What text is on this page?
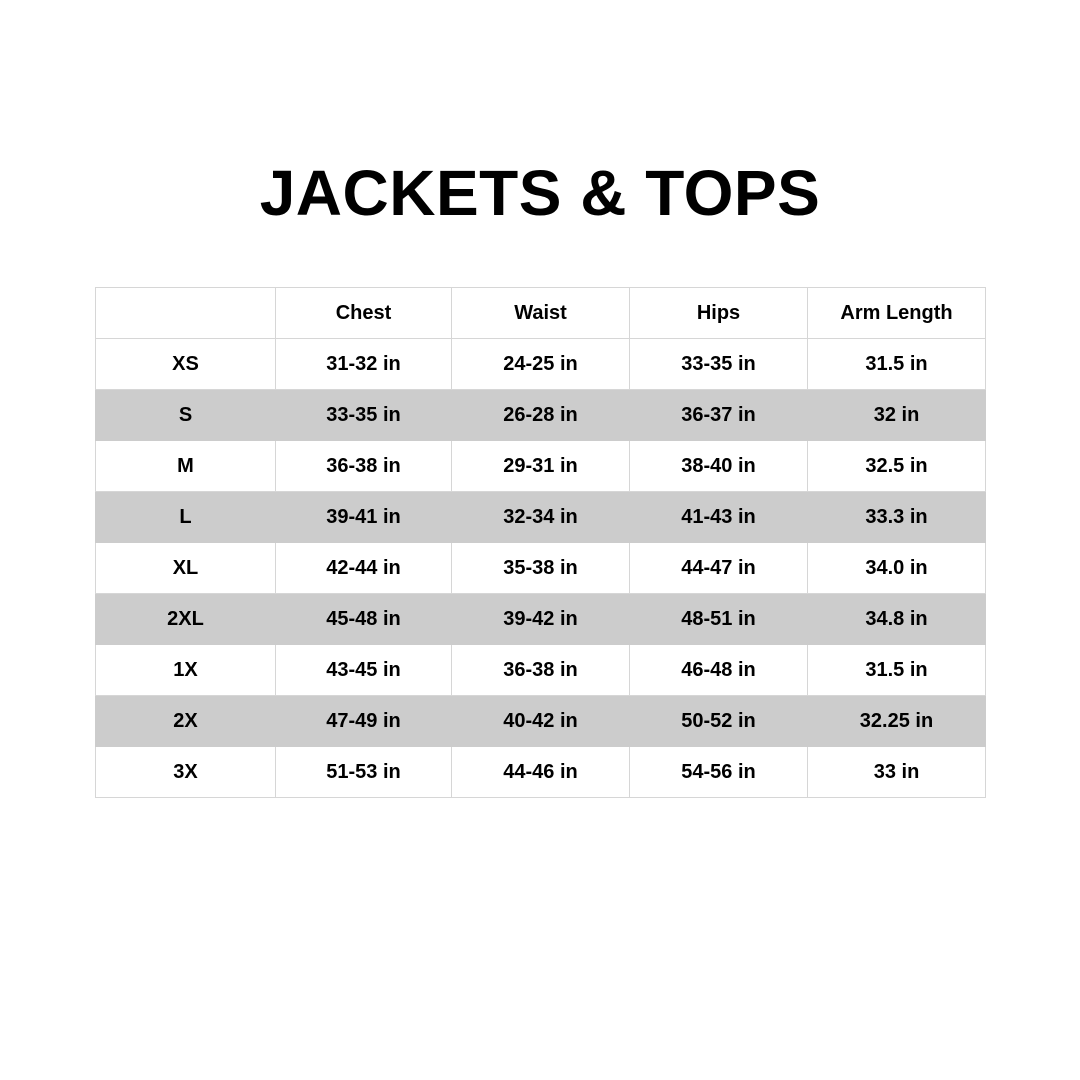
JACKETS & TOPS
	Chest	Waist	Hips	Arm Length
XS	31-32 in	24-25 in	33-35 in	31.5 in
S	33-35 in	26-28 in	36-37 in	32 in
M	36-38 in	29-31 in	38-40 in	32.5 in
L	39-41 in	32-34 in	41-43 in	33.3 in
XL	42-44 in	35-38 in	44-47 in	34.0 in
2XL	45-48 in	39-42 in	48-51 in	34.8 in
1X	43-45 in	36-38 in	46-48 in	31.5 in
2X	47-49 in	40-42 in	50-52 in	32.25 in
3X	51-53 in	44-46 in	54-56 in	33 in
